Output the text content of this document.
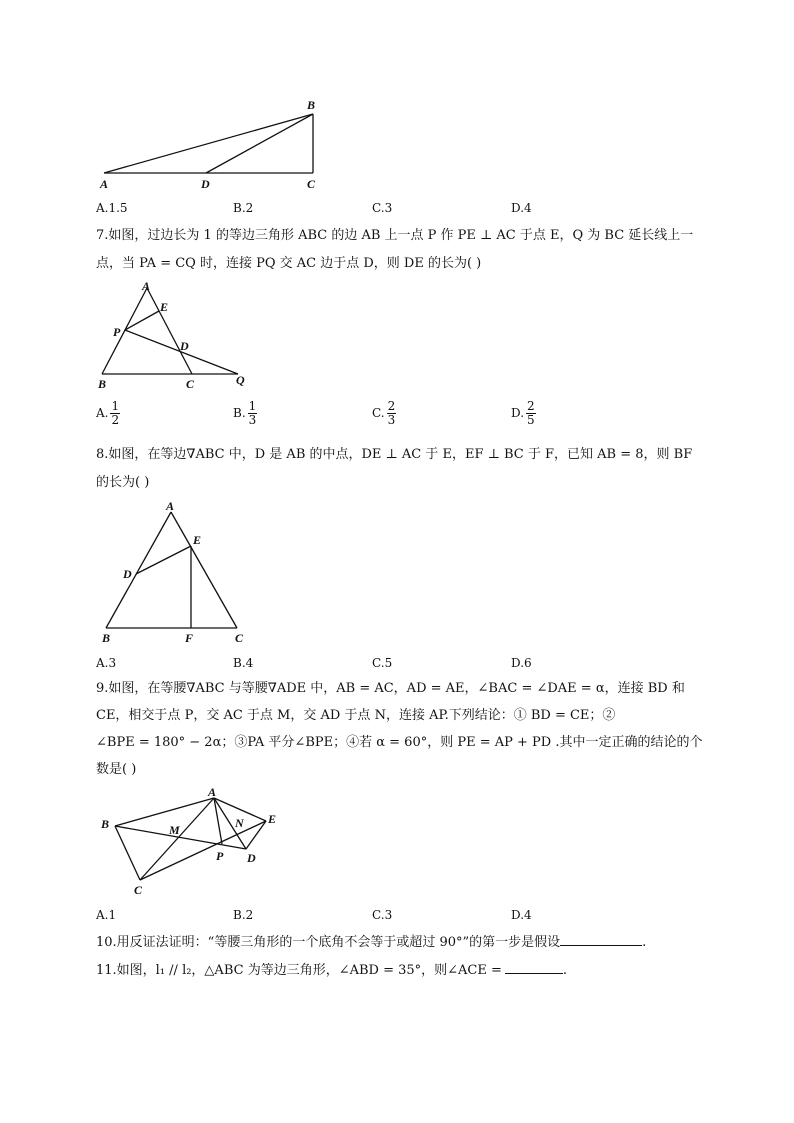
B
A	D	C
A.1.5	B.2	C.3	D.4
7.如图，过边长为 1 的等边三角形 ABC 的边 AB 上一点 P 作 PE ⊥ AC 于点 E，Q 为 BC 延长线上一
点，当 PA = CQ 时，连接 PQ 交 AC 边于点 D，则 DE 的长为( )
A
E
P
D
B	C	Q
A. $\frac{1}{2}$	B. $\frac{1}{3}$	C. $\frac{2}{3}$	D. $\frac{2}{5}$
8.如图，在等边∇ABC 中，D 是 AB 的中点，DE ⊥ AC 于 E，EF ⊥ BC 于 F，已知 AB = 8，则 BF
的长为( )
A
E
D
B	F	C
A.3	B.4	C.5	D.6
9.如图，在等腰∇ABC 与等腰∇ADE 中，AB = AC，AD = AE，∠BAC = ∠DAE = α，连接 BD 和
CE，相交于点 P，交 AC 于点 M，交 AD 于点 N，连接 AP.下列结论：① BD = CE；②
∠BPE = 180° − 2α；③PA 平分∠BPE；④若 α = 60°，则 PE = AP + PD .其中一定正确的结论的个
数是( )
A
B	M	N E
P D
C
A.1	B.2	C.3	D.4
10.用反证法证明：“等腰三角形的一个底角不会等于或超过 90°”的第一步是假设	.
11.如图，l₁ // l₂，△ABC 为等边三角形，∠ABD = 35°，则∠ACE =	.
